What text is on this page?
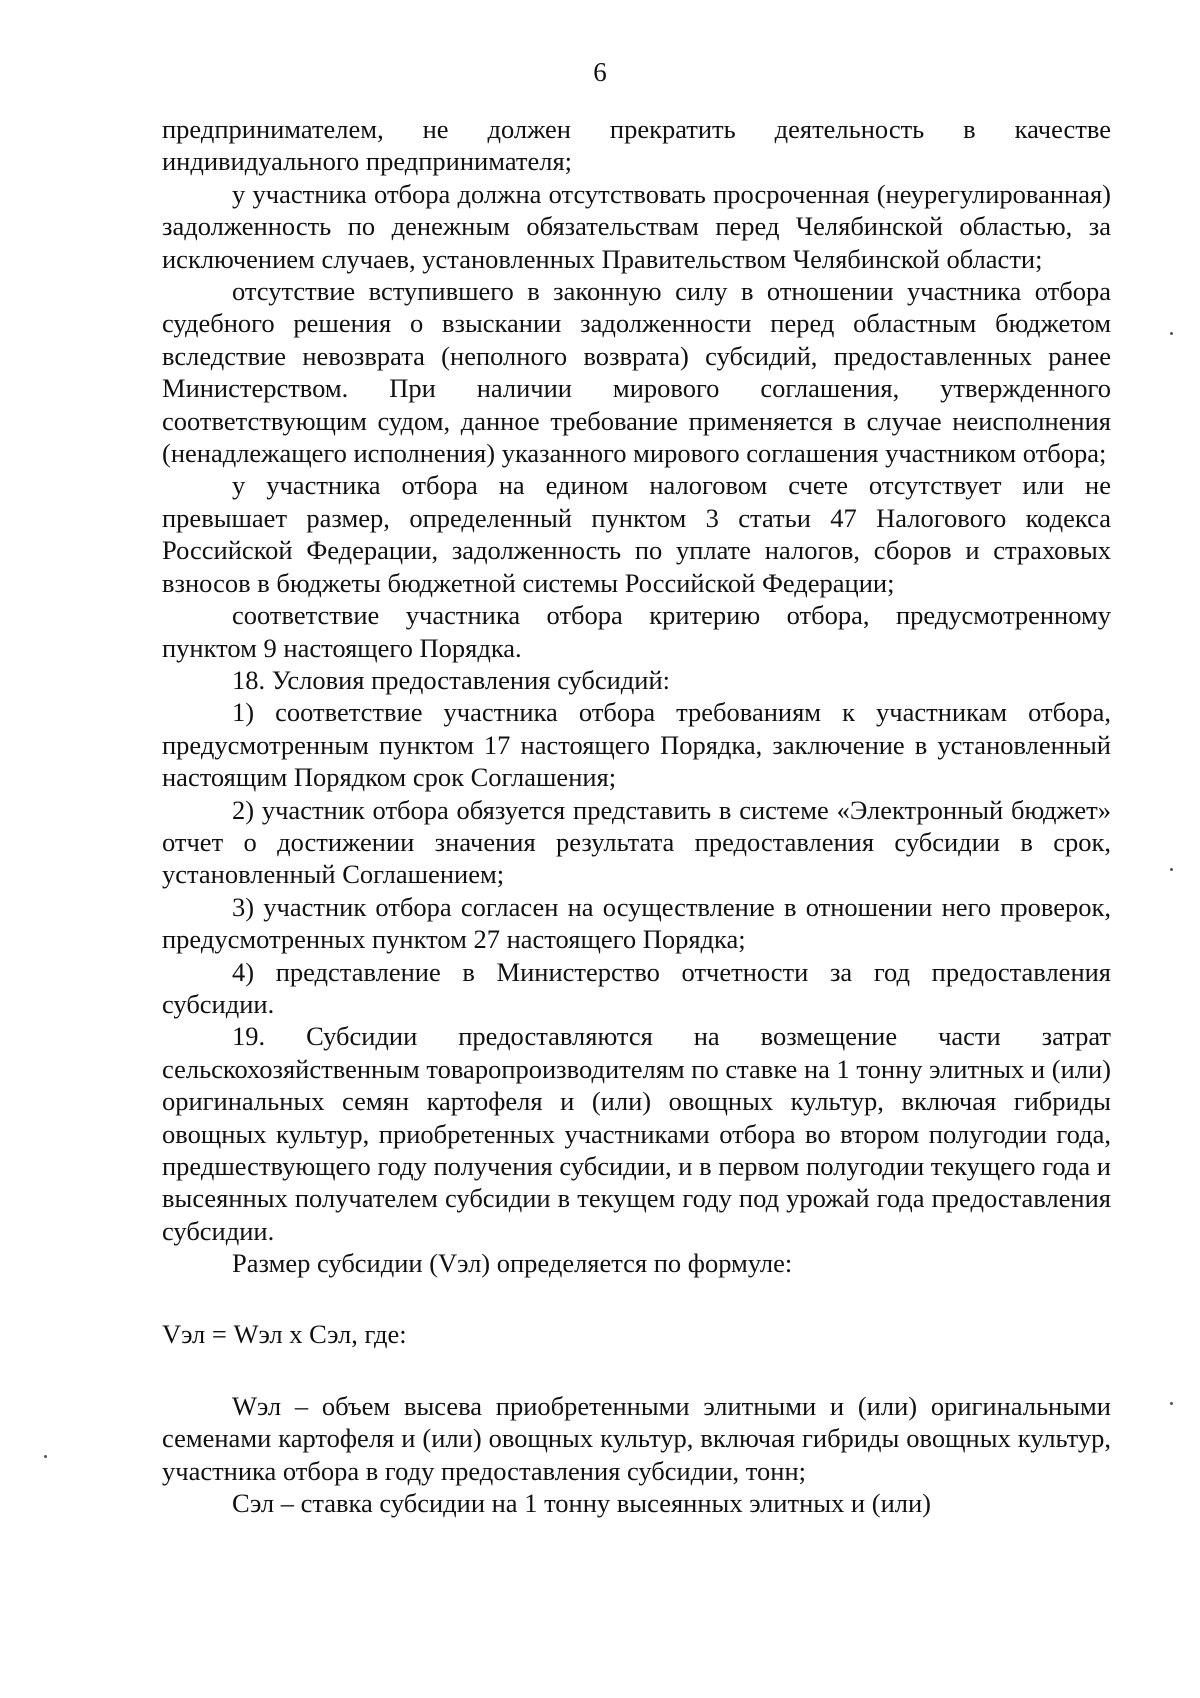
6

предпринимателем, не должен прекратить деятельность в качестве индивидуального предпринимателя;

у участника отбора должна отсутствовать просроченная (неурегулированная) задолженность по денежным обязательствам перед Челябинской областью, за исключением случаев, установленных Правительством Челябинской области;

отсутствие вступившего в законную силу в отношении участника отбора судебного решения о взыскании задолженности перед областным бюджетом вследствие невозврата (неполного возврата) субсидий, предоставленных ранее Министерством. При наличии мирового соглашения, утвержденного соответствующим судом, данное требование применяется в случае неисполнения (ненадлежащего исполнения) указанного мирового соглашения участником отбора;

у участника отбора на едином налоговом счете отсутствует или не превышает размер, определенный пунктом 3 статьи 47 Налогового кодекса Российской Федерации, задолженность по уплате налогов, сборов и страховых взносов в бюджеты бюджетной системы Российской Федерации;

соответствие участника отбора критерию отбора, предусмотренному пунктом 9 настоящего Порядка.

18. Условия предоставления субсидий:

1) соответствие участника отбора требованиям к участникам отбора, предусмотренным пунктом 17 настоящего Порядка, заключение в установленный настоящим Порядком срок Соглашения;

2) участник отбора обязуется представить в системе «Электронный бюджет» отчет о достижении значения результата предоставления субсидии в срок, установленный Соглашением;

3) участник отбора согласен на осуществление в отношении него проверок, предусмотренных пунктом 27 настоящего Порядка;

4) представление в Министерство отчетности за год предоставления субсидии.

19. Субсидии предоставляются на возмещение части затрат сельскохозяйственным товаропроизводителям по ставке на 1 тонну элитных и (или) оригинальных семян картофеля и (или) овощных культур, включая гибриды овощных культур, приобретенных участниками отбора во втором полугодии года, предшествующего году получения субсидии, и в первом полугодии текущего года и высеянных получателем субсидии в текущем году под урожай года предоставления субсидии.

Размер субсидии (Vэл) определяется по формуле:

Vэл = Wэл х Сэл, где:

Wэл – объем высева приобретенными элитными и (или) оригинальными семенами картофеля и (или) овощных культур, включая гибриды овощных культур, участника отбора в году предоставления субсидии, тонн;

Сэл – ставка субсидии на 1 тонну высеянных элитных и (или)
